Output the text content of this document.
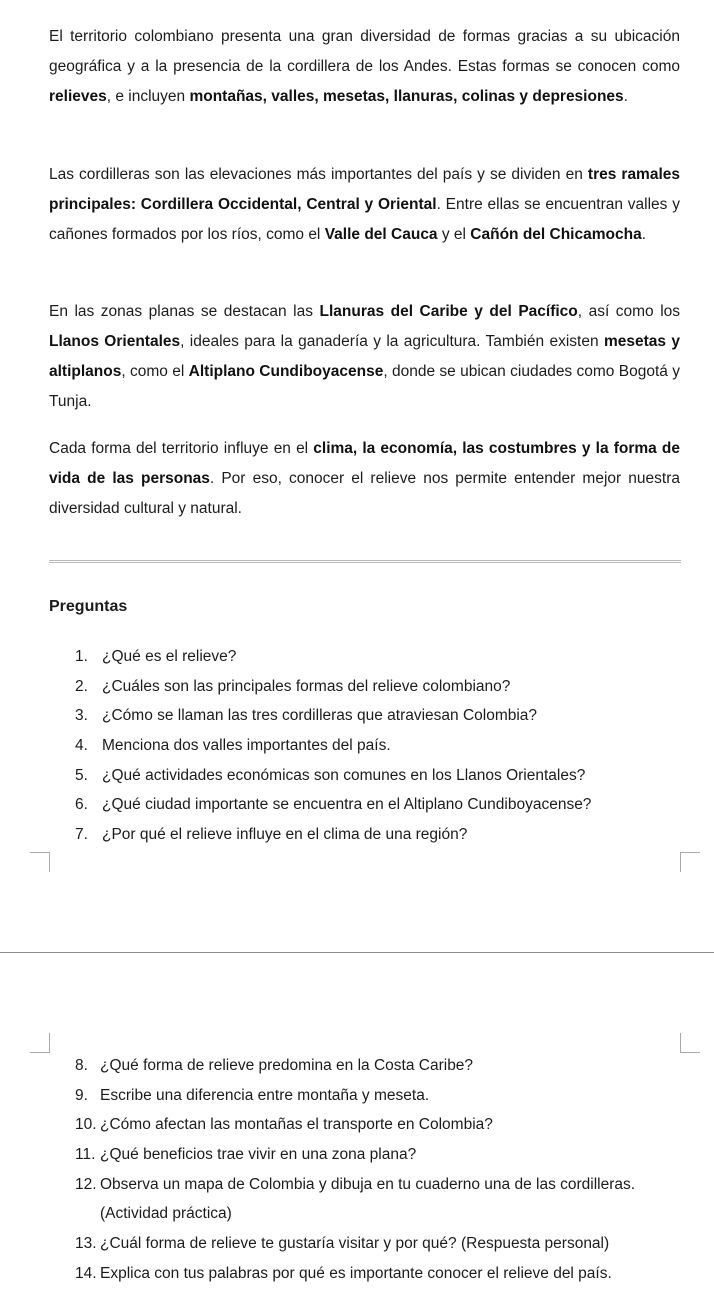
El territorio colombiano presenta una gran diversidad de formas gracias a su ubicación geográfica y a la presencia de la cordillera de los Andes. Estas formas se conocen como relieves, e incluyen montañas, valles, mesetas, llanuras, colinas y depresiones.

Las cordilleras son las elevaciones más importantes del país y se dividen en tres ramales principales: Cordillera Occidental, Central y Oriental. Entre ellas se encuentran valles y cañones formados por los ríos, como el Valle del Cauca y el Cañón del Chicamocha.

En las zonas planas se destacan las Llanuras del Caribe y del Pacífico, así como los Llanos Orientales, ideales para la ganadería y la agricultura. También existen mesetas y altiplanos, como el Altiplano Cundiboyacense, donde se ubican ciudades como Bogotá y Tunja.

Cada forma del territorio influye en el clima, la economía, las costumbres y la forma de vida de las personas. Por eso, conocer el relieve nos permite entender mejor nuestra diversidad cultural y natural.

Preguntas
1. ¿Qué es el relieve?
2. ¿Cuáles son las principales formas del relieve colombiano?
3. ¿Cómo se llaman las tres cordilleras que atraviesan Colombia?
4. Menciona dos valles importantes del país.
5. ¿Qué actividades económicas son comunes en los Llanos Orientales?
6. ¿Qué ciudad importante se encuentra en el Altiplano Cundiboyacense?
7. ¿Por qué el relieve influye en el clima de una región?
8. ¿Qué forma de relieve predomina en la Costa Caribe?
9. Escribe una diferencia entre montaña y meseta.
10. ¿Cómo afectan las montañas el transporte en Colombia?
11. ¿Qué beneficios trae vivir en una zona plana?
12. Observa un mapa de Colombia y dibuja en tu cuaderno una de las cordilleras.
(Actividad práctica)
13. ¿Cuál forma de relieve te gustaría visitar y por qué? (Respuesta personal)
14. Explica con tus palabras por qué es importante conocer el relieve del país.
